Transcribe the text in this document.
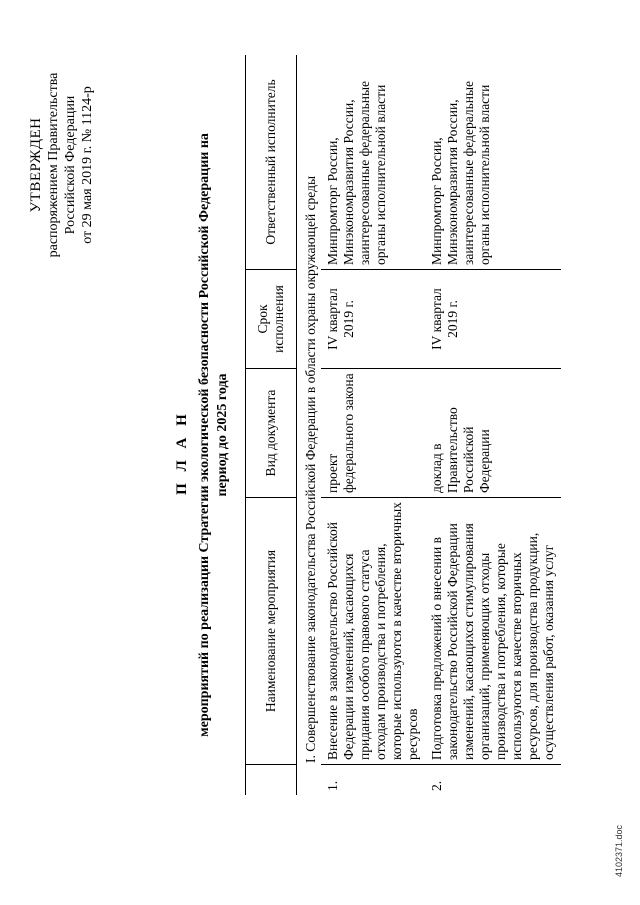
УТВЕРЖДЕН распоряжением Правительства Российской Федерации от 29 мая 2019 г. № 1124-р
П Л А Н мероприятий по реализации Стратегии экологической безопасности Российской Федерации на период до 2025 года
	Наименование мероприятия	Вид документа	Срок исполнения	Ответственный исполнитель
I. Совершенствование законодательства Российской Федерации в области охраны окружающей среды				
1.	Внесение в законодательство Российской Федерации изменений, касающихся придания особого правового статуса отходам производства и потребления, которые используются в качестве вторичных ресурсов	проект федерального закона	IV квартал 2019 г.	Минпромторг России, Минэкономразвития России, заинтересованные федеральные органы исполнительной власти
2.	Подготовка предложений о внесении в законодательство Российской Федерации изменений, касающихся стимулирования организаций, применяющих отходы производства и потребления, которые используются в качестве вторичных ресурсов, для производства продукции, осуществления работ, оказания услуг	доклад в Правительство Российской Федерации	IV квартал 2019 г.	Минпромторг России, Минэкономразвития России, заинтересованные федеральные органы исполнительной власти
4102371.doc
